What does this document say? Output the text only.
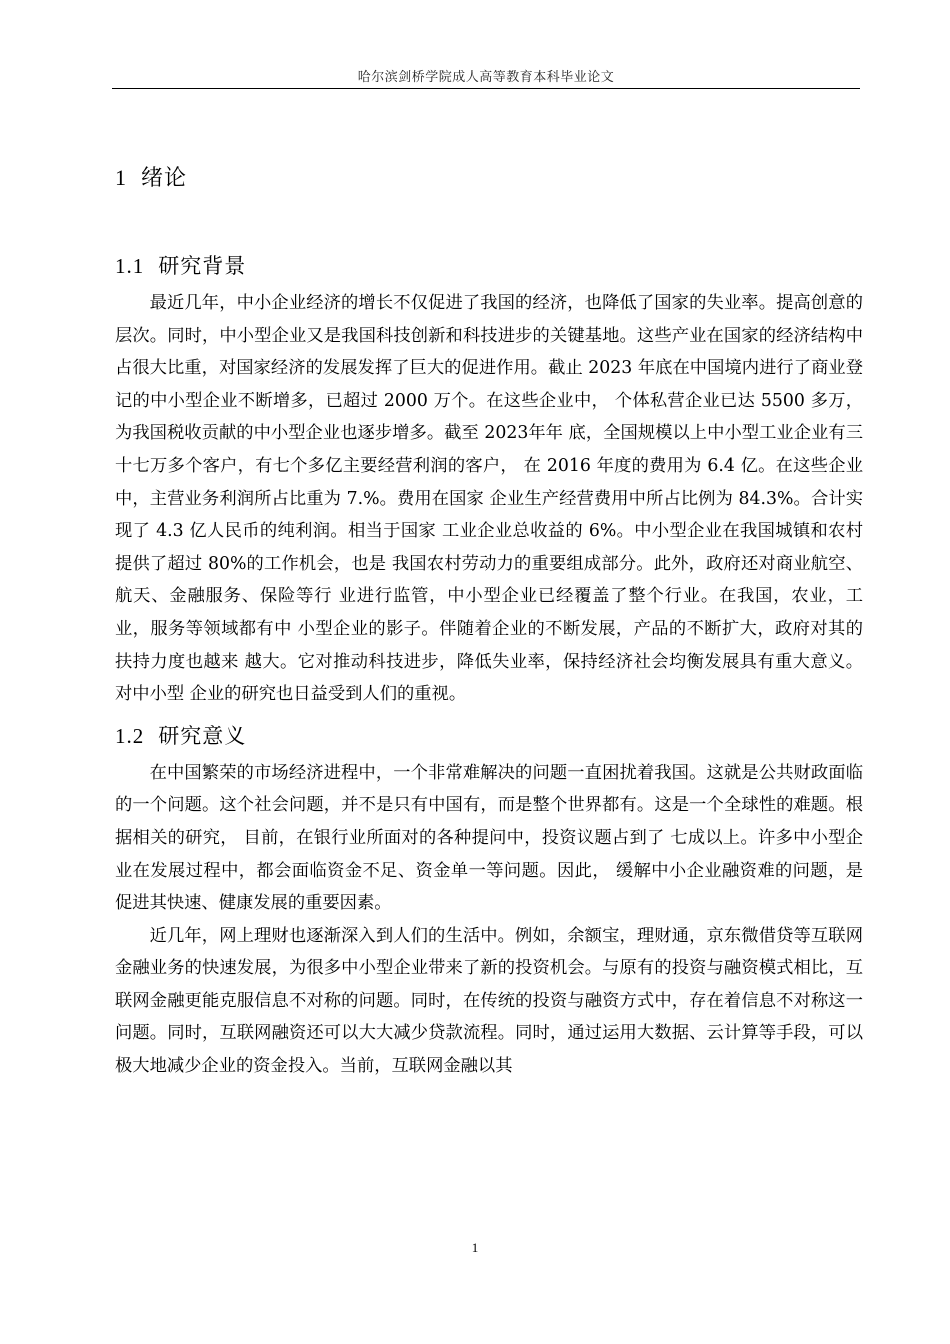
哈尔滨剑桥学院成人高等教育本科毕业论文
1 绪论
1.1 研究背景

最近几年，中小企业经济的增长不仅促进了我国的经济，也降低了国家的失业率。提高创意的层次。同时，中小型企业又是我国科技创新和科技进步的关键基地。这些产业在国家的经济结构中占很大比重，对国家经济的发展发挥了巨大的促进作用。截止 2023 年底在中国境内进行了商业登记的中小型企业不断增多，已超过 2000 万个。在这些企业中， 个体私营企业已达 5500 多万，为我国税收贡献的中小型企业也逐步增多。截至 2023年年 底，全国规模以上中小型工业企业有三十七万多个客户，有七个多亿主要经营利润的客户， 在 2016 年度的费用为 6.4 亿。在这些企业中，主营业务利润所占比重为 7.%。费用在国家 企业生产经营费用中所占比例为 84.3%。合计实现了 4.3 亿人民币的纯利润。相当于国家 工业企业总收益的 6%。中小型企业在我国城镇和农村提供了超过 80%的工作机会，也是 我国农村劳动力的重要组成部分。此外，政府还对商业航空、航天、金融服务、保险等行 业进行监管，中小型企业已经覆盖了整个行业。在我国，农业，工业，服务等领域都有中 小型企业的影子。伴随着企业的不断发展，产品的不断扩大，政府对其的扶持力度也越来 越大。它对推动科技进步，降低失业率，保持经济社会均衡发展具有重大意义。对中小型 企业的研究也日益受到人们的重视。

1.2 研究意义

在中国繁荣的市场经济进程中，一个非常难解决的问题一直困扰着我国。这就是公共财政面临的一个问题。这个社会问题，并不是只有中国有，而是整个世界都有。这是一个全球性的难题。根据相关的研究， 目前，在银行业所面对的各种提问中，投资议题占到了 七成以上。许多中小型企业在发展过程中，都会面临资金不足、资金单一等问题。因此， 缓解中小企业融资难的问题，是促进其快速、健康发展的重要因素。

近几年，网上理财也逐渐深入到人们的生活中。例如，余额宝，理财通，京东微借贷等互联网金融业务的快速发展，为很多中小型企业带来了新的投资机会。与原有的投资与融资模式相比，互联网金融更能克服信息不对称的问题。同时，在传统的投资与融资方式中，存在着信息不对称这一问题。同时，互联网融资还可以大大减少贷款流程。同时，通过运用大数据、云计算等手段，可以极大地减少企业的资金投入。当前，互联网金融以其

1
